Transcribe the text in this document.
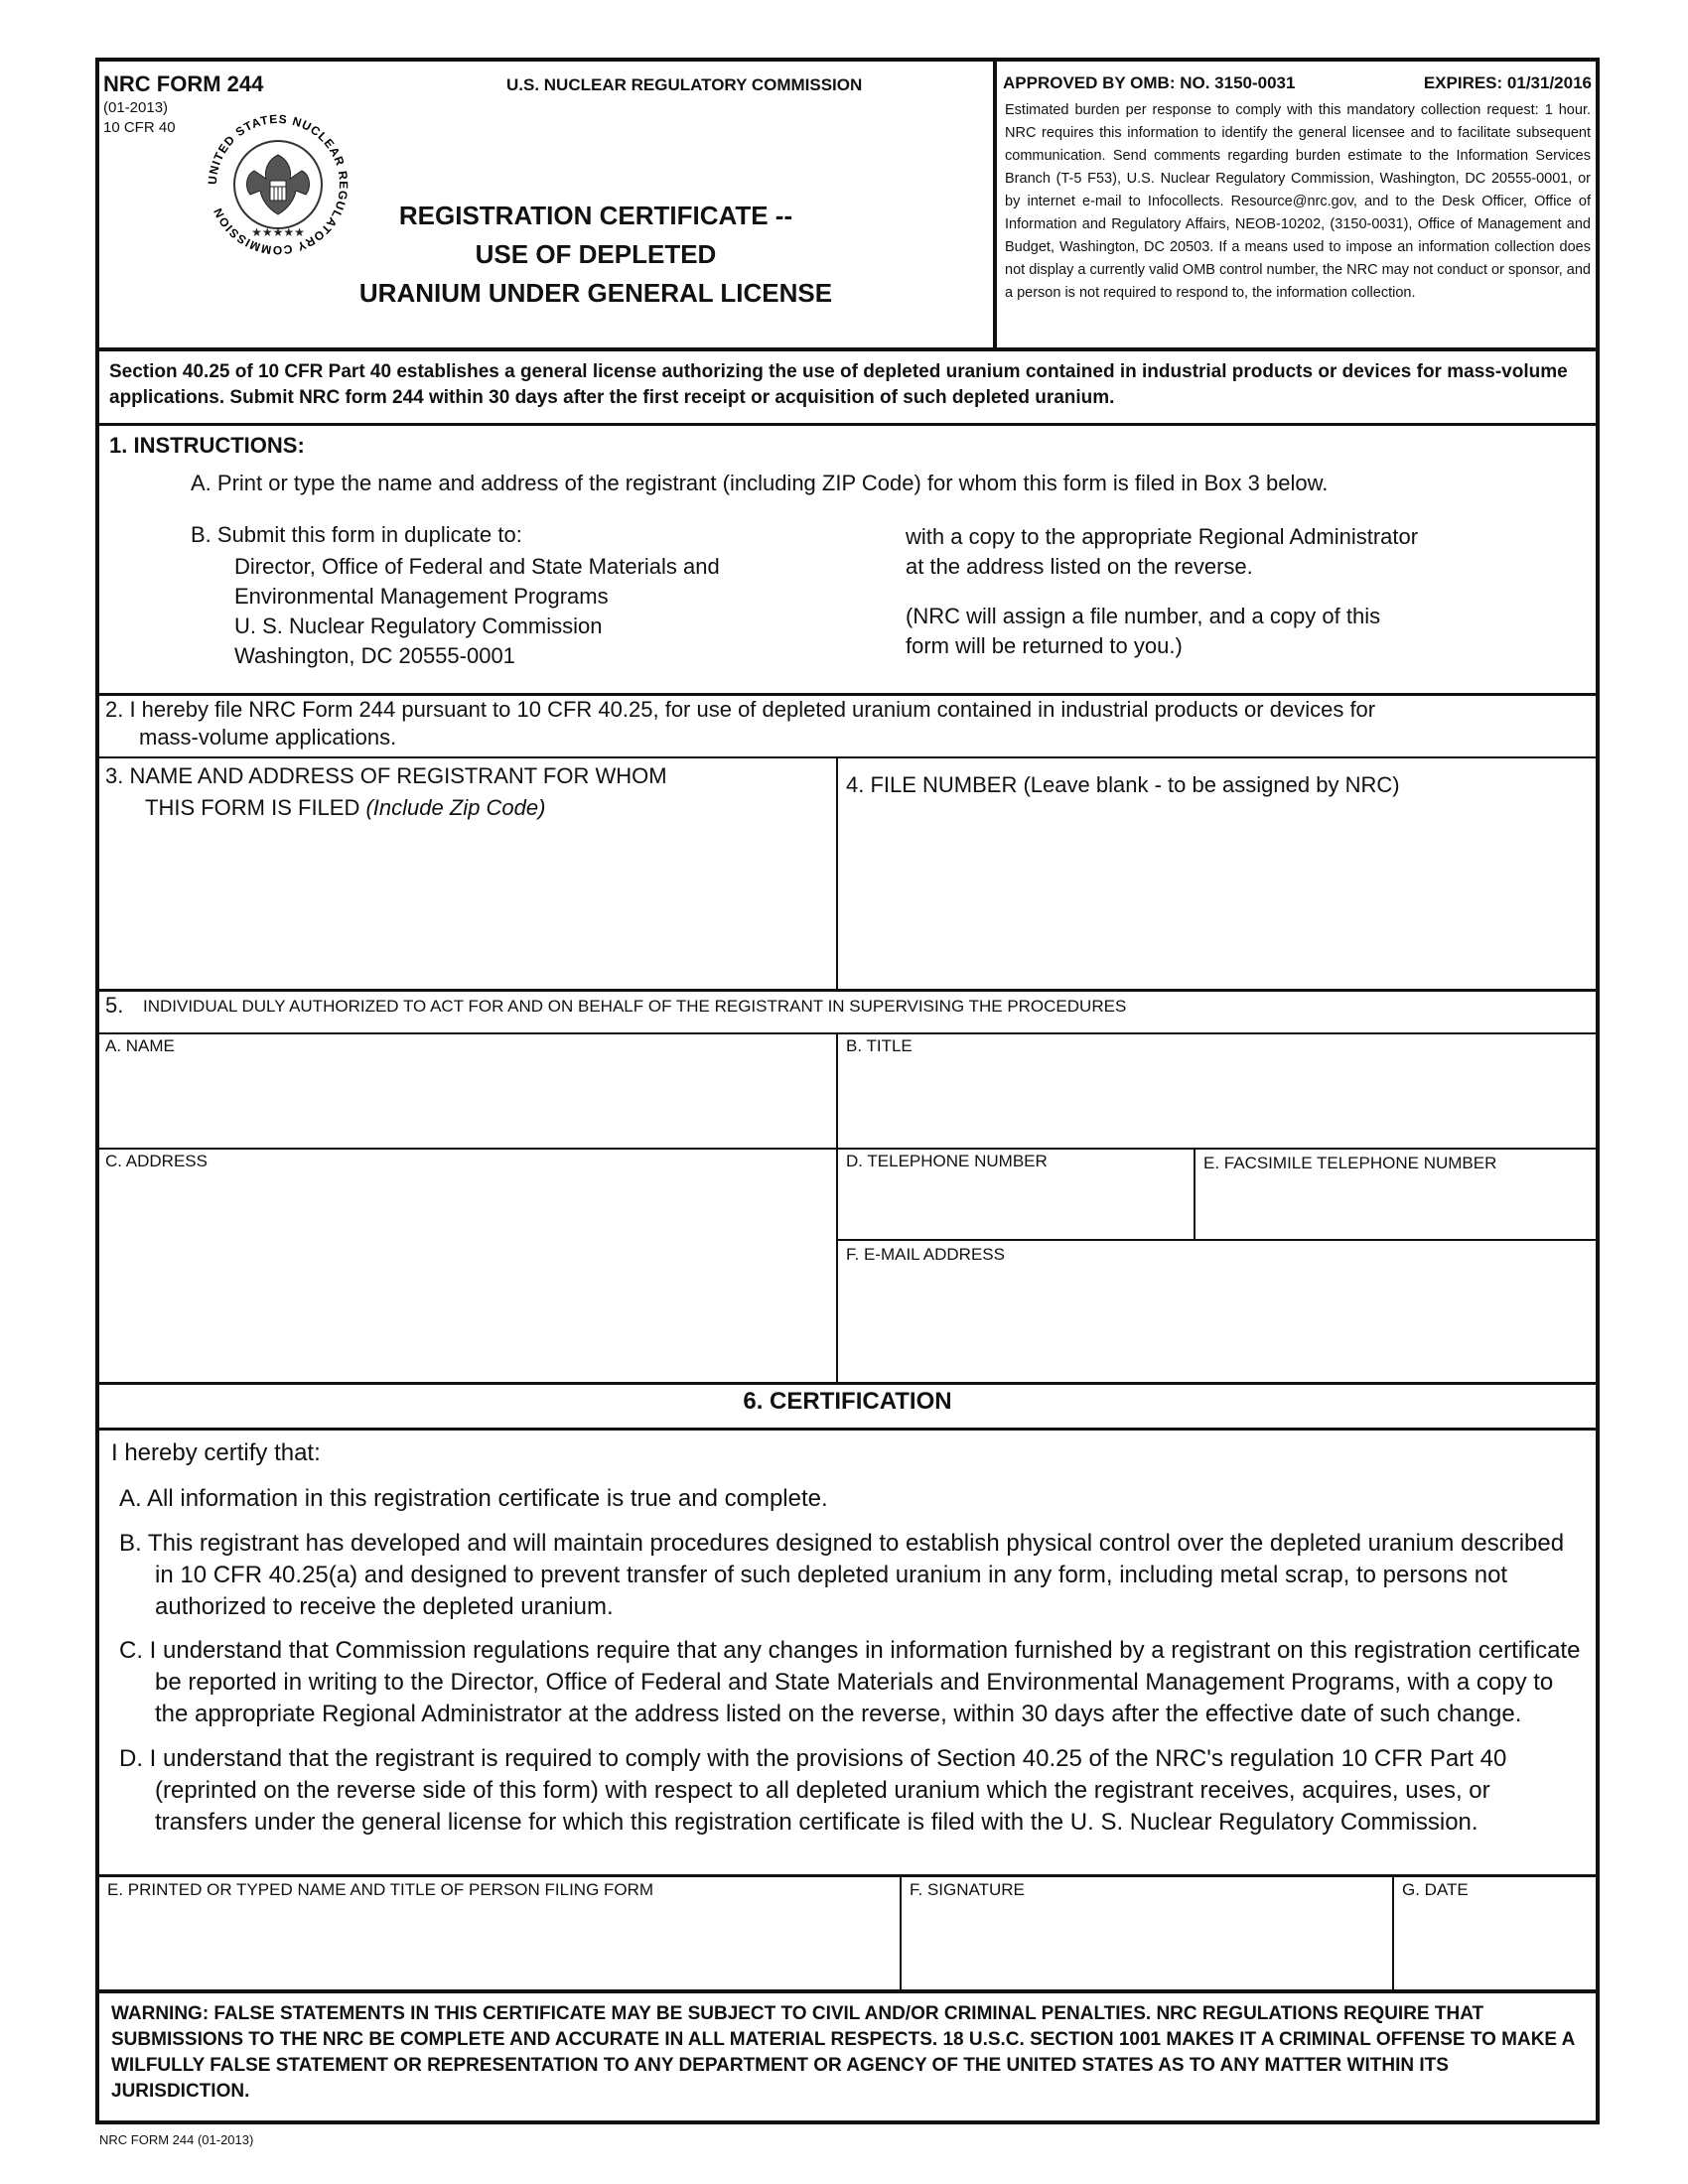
NRC FORM 244
(01-2013)
10 CFR 40
UNITED STATES NUCLEAR REGULATORY COMMISSION
★★★★★
U.S. NUCLEAR REGULATORY COMMISSION
REGISTRATION CERTIFICATE --
USE OF DEPLETED
URANIUM UNDER GENERAL LICENSE
APPROVED BY OMB: NO. 3150-0031	EXPIRES: 01/31/2016
Estimated burden per response to comply with this mandatory collection request: 1 hour. NRC requires this information to identify the general licensee and to facilitate subsequent communication. Send comments regarding burden estimate to the Information Services Branch (T-5 F53), U.S. Nuclear Regulatory Commission, Washington, DC 20555-0001, or by internet e-mail to Infocollects. Resource@nrc.gov, and to the Desk Officer, Office of Information and Regulatory Affairs, NEOB-10202, (3150-0031), Office of Management and Budget, Washington, DC 20503. If a means used to impose an information collection does not display a currently valid OMB control number, the NRC may not conduct or sponsor, and a person is not required to respond to, the information collection.
Section 40.25 of 10 CFR Part 40 establishes a general license authorizing the use of depleted uranium contained in industrial products or devices for mass-volume applications. Submit NRC form 244 within 30 days after the first receipt or acquisition of such depleted uranium.
1. INSTRUCTIONS:
A. Print or type the name and address of the registrant (including ZIP Code) for whom this form is filed in Box 3 below.
B. Submit this form in duplicate to:
Director, Office of Federal and State Materials and
Environmental Management Programs
U. S. Nuclear Regulatory Commission
Washington, DC 20555-0001
with a copy to the appropriate Regional Administrator
at the address listed on the reverse.
(NRC will assign a file number, and a copy of this
form will be returned to you.)
2. I hereby file NRC Form 244 pursuant to 10 CFR 40.25, for use of depleted uranium contained in industrial products or devices for
mass-volume applications.
3. NAME AND ADDRESS OF REGISTRANT FOR WHOM
THIS FORM IS FILED (Include Zip Code)
4. FILE NUMBER (Leave blank - to be assigned by NRC)
5. INDIVIDUAL DULY AUTHORIZED TO ACT FOR AND ON BEHALF OF THE REGISTRANT IN SUPERVISING THE PROCEDURES
A. NAME	B. TITLE
C. ADDRESS	D. TELEPHONE NUMBER	E. FACSIMILE TELEPHONE NUMBER
F. E-MAIL ADDRESS
6. CERTIFICATION
I hereby certify that:
A. All information in this registration certificate is true and complete.
B. This registrant has developed and will maintain procedures designed to establish physical control over the depleted uranium described in 10 CFR 40.25(a) and designed to prevent transfer of such depleted uranium in any form, including metal scrap, to persons not authorized to receive the depleted uranium.
C. I understand that Commission regulations require that any changes in information furnished by a registrant on this registration certificate be reported in writing to the Director, Office of Federal and State Materials and Environmental Management Programs, with a copy to the appropriate Regional Administrator at the address listed on the reverse, within 30 days after the effective date of such change.
D. I understand that the registrant is required to comply with the provisions of Section 40.25 of the NRC's regulation 10 CFR Part 40 (reprinted on the reverse side of this form) with respect to all depleted uranium which the registrant receives, acquires, uses, or transfers under the general license for which this registration certificate is filed with the U. S. Nuclear Regulatory Commission.
E. PRINTED OR TYPED NAME AND TITLE OF PERSON FILING FORM	F. SIGNATURE	G. DATE
WARNING: FALSE STATEMENTS IN THIS CERTIFICATE MAY BE SUBJECT TO CIVIL AND/OR CRIMINAL PENALTIES. NRC REGULATIONS REQUIRE THAT SUBMISSIONS TO THE NRC BE COMPLETE AND ACCURATE IN ALL MATERIAL RESPECTS. 18 U.S.C. SECTION 1001 MAKES IT A CRIMINAL OFFENSE TO MAKE A WILFULLY FALSE STATEMENT OR REPRESENTATION TO ANY DEPARTMENT OR AGENCY OF THE UNITED STATES AS TO ANY MATTER WITHIN ITS JURISDICTION.
NRC FORM 244 (01-2013)
